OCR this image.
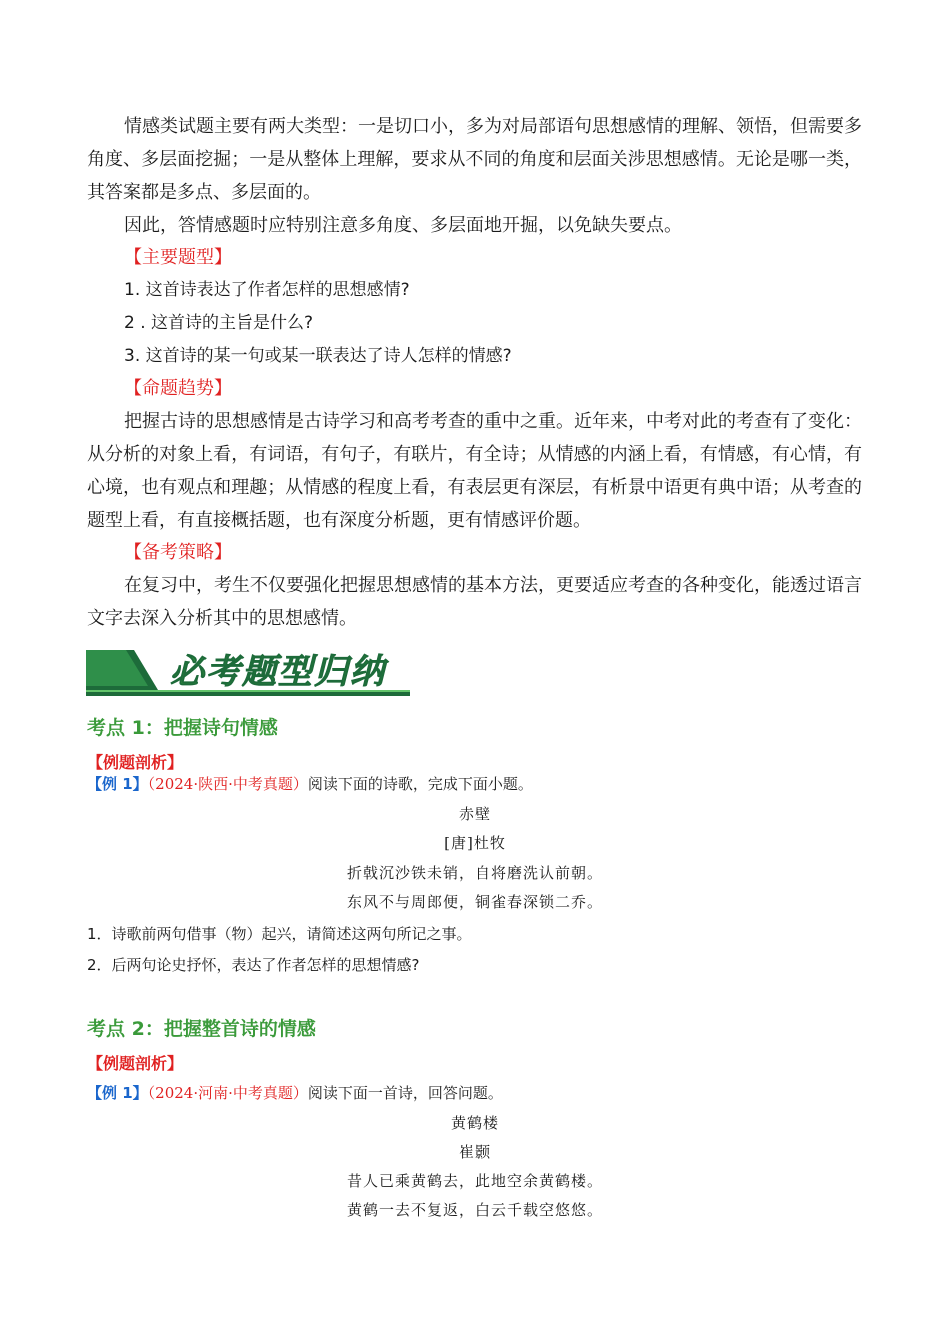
情感类试题主要有两大类型：一是切口小，多为对局部语句思想感情的理解、领悟，但需要多角度、多层面挖掘；一是从整体上理解，要求从不同的角度和层面关涉思想感情。无论是哪一类，其答案都是多点、多层面的。

因此，答情感题时应特别注意多角度、多层面地开掘，以免缺失要点。

【主要题型】
1. 这首诗表达了作者怎样的思想感情?
2 . 这首诗的主旨是什么?
3. 这首诗的某一句或某一联表达了诗人怎样的情感?
【命题趋势】

把握古诗的思想感情是古诗学习和高考考查的重中之重。近年来，中考对此的考查有了变化：从分析的对象上看，有词语，有句子，有联片，有全诗；从情感的内涵上看，有情感，有心情，有心境，也有观点和理趣；从情感的程度上看，有表层更有深层，有析景中语更有典中语；从考查的题型上看，有直接概括题，也有深度分析题，更有情感评价题。

【备考策略】

在复习中，考生不仅要强化把握思想感情的基本方法，更要适应考查的各种变化，能透过语言文字去深入分析其中的思想感情。

必考题型归纳
考点 1：把握诗句情感
【例题剖析】
【例 1】（2024·陕西·中考真题）阅读下面的诗歌，完成下面小题。
赤壁
[唐]杜牧
折戟沉沙铁未销，自将磨洗认前朝。
东风不与周郎便，铜雀春深锁二乔。
1．诗歌前两句借事（物）起兴，请简述这两句所记之事。
2．后两句论史抒怀，表达了作者怎样的思想情感?
考点 2：把握整首诗的情感
【例题剖析】
【例 1】（2024·河南·中考真题）阅读下面一首诗，回答问题。
黄鹤楼
崔颢
昔人已乘黄鹤去，此地空余黄鹤楼。
黄鹤一去不复返，白云千载空悠悠。
